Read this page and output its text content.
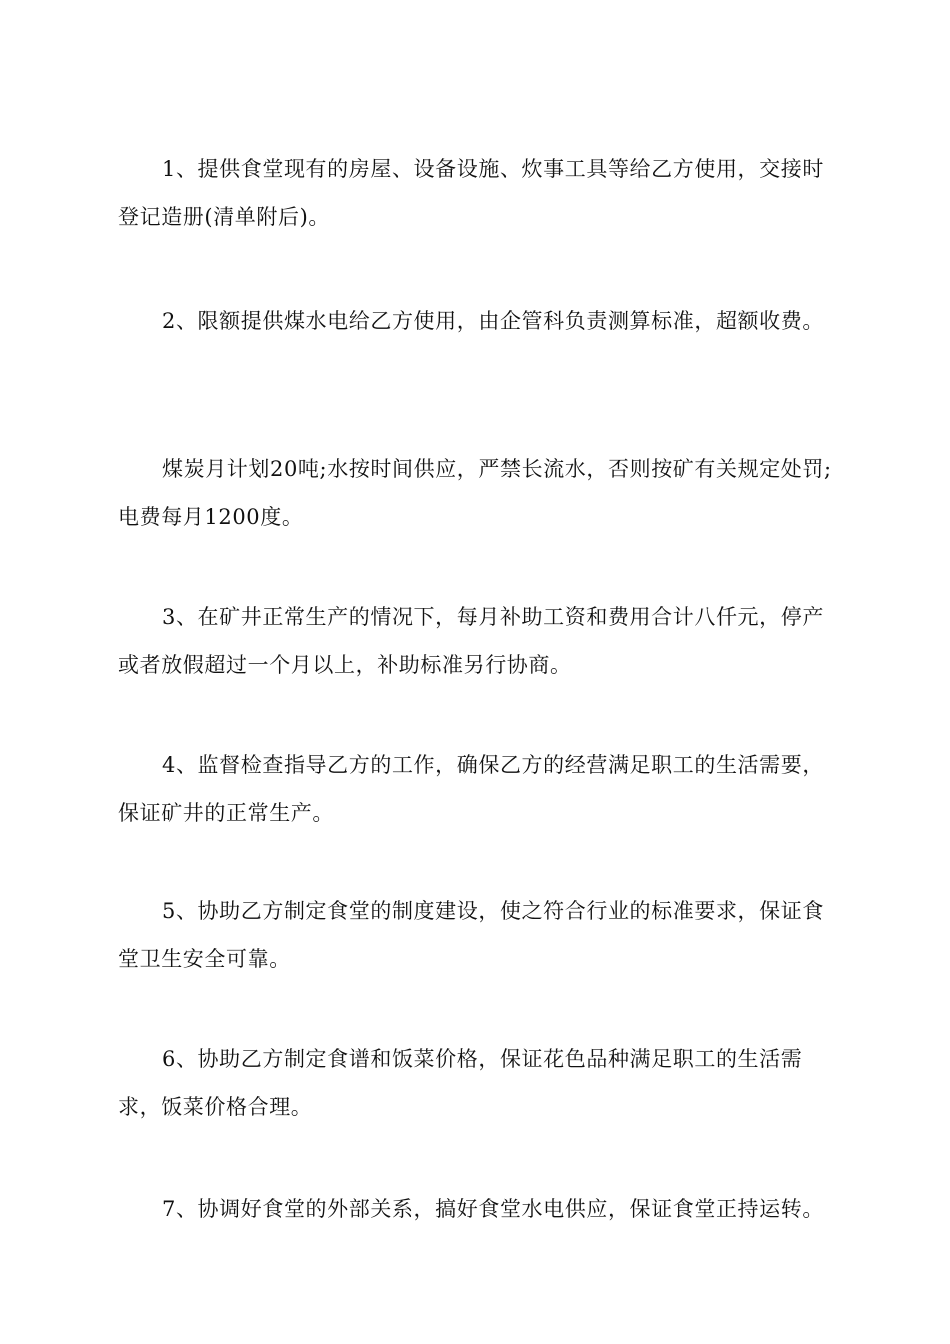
1、提供食堂现有的房屋、设备设施、炊事工具等给乙方使用，交接时登记造册(清单附后)。

2、限额提供煤水电给乙方使用，由企管科负责测算标准，超额收费。

煤炭月计划20吨;水按时间供应，严禁长流水，否则按矿有关规定处罚;电费每月1200度。

3、在矿井正常生产的情况下，每月补助工资和费用合计八仟元，停产或者放假超过一个月以上，补助标准另行协商。

4、监督检查指导乙方的工作，确保乙方的经营满足职工的生活需要，保证矿井的正常生产。

5、协助乙方制定食堂的制度建设，使之符合行业的标准要求，保证食堂卫生安全可靠。

6、协助乙方制定食谱和饭菜价格，保证花色品种满足职工的生活需求，饭菜价格合理。

7、协调好食堂的外部关系，搞好食堂水电供应，保证食堂正持运转。
